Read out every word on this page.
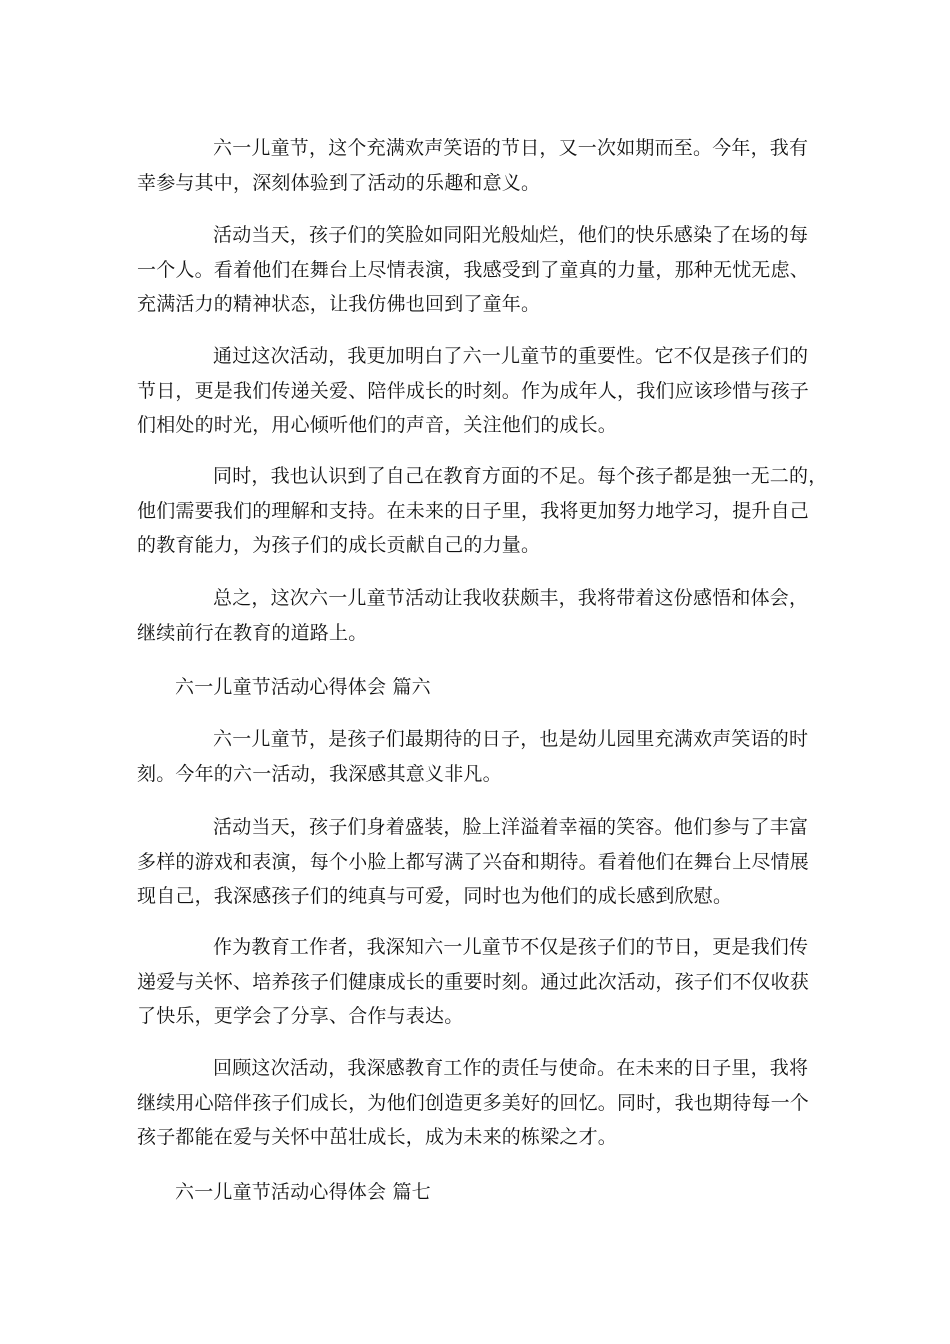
六一儿童节，这个充满欢声笑语的节日，又一次如期而至。今年，我有
幸参与其中，深刻体验到了活动的乐趣和意义。
活动当天，孩子们的笑脸如同阳光般灿烂，他们的快乐感染了在场的每
一个人。看着他们在舞台上尽情表演，我感受到了童真的力量，那种无忧无虑、
充满活力的精神状态，让我仿佛也回到了童年。
通过这次活动，我更加明白了六一儿童节的重要性。它不仅是孩子们的
节日，更是我们传递关爱、陪伴成长的时刻。作为成年人，我们应该珍惜与孩子
们相处的时光，用心倾听他们的声音，关注他们的成长。
同时，我也认识到了自己在教育方面的不足。每个孩子都是独一无二的，
他们需要我们的理解和支持。在未来的日子里，我将更加努力地学习，提升自己
的教育能力，为孩子们的成长贡献自己的力量。
总之，这次六一儿童节活动让我收获颇丰，我将带着这份感悟和体会，
继续前行在教育的道路上。
六一儿童节活动心得体会 篇六
六一儿童节，是孩子们最期待的日子，也是幼儿园里充满欢声笑语的时
刻。今年的六一活动，我深感其意义非凡。
活动当天，孩子们身着盛装，脸上洋溢着幸福的笑容。他们参与了丰富
多样的游戏和表演，每个小脸上都写满了兴奋和期待。看着他们在舞台上尽情展
现自己，我深感孩子们的纯真与可爱，同时也为他们的成长感到欣慰。
作为教育工作者，我深知六一儿童节不仅是孩子们的节日，更是我们传
递爱与关怀、培养孩子们健康成长的重要时刻。通过此次活动，孩子们不仅收获
了快乐，更学会了分享、合作与表达。
回顾这次活动，我深感教育工作的责任与使命。在未来的日子里，我将
继续用心陪伴孩子们成长，为他们创造更多美好的回忆。同时，我也期待每一个
孩子都能在爱与关怀中茁壮成长，成为未来的栋梁之才。
六一儿童节活动心得体会 篇七
